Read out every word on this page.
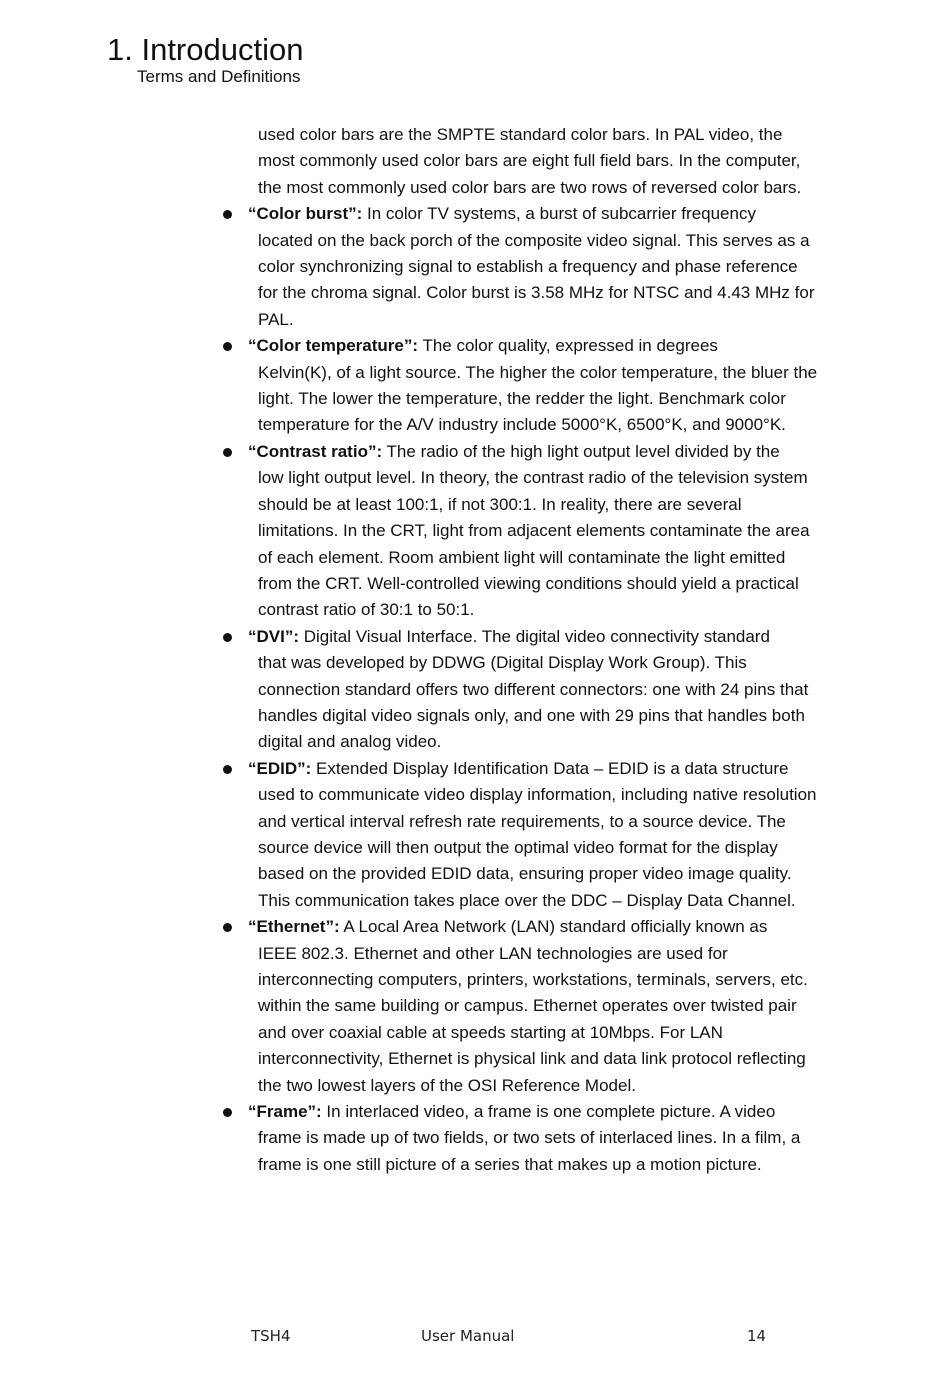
1. Introduction
Terms and Definitions
used color bars are the SMPTE standard color bars. In PAL video, the most commonly used color bars are eight full field bars. In the computer, the most commonly used color bars are two rows of reversed color bars.
“Color burst”: In color TV systems, a burst of subcarrier frequency
located on the back porch of the composite video signal. This serves as a color synchronizing signal to establish a frequency and phase reference for the chroma signal. Color burst is 3.58 MHz for NTSC and 4.43 MHz for PAL.
“Color temperature”: The color quality, expressed in degrees
Kelvin(K), of a light source. The higher the color temperature, the bluer the light. The lower the temperature, the redder the light. Benchmark color temperature for the A/V industry include 5000°K, 6500°K, and 9000°K.
“Contrast ratio”: The radio of the high light output level divided by the
low light output level. In theory, the contrast radio of the television system should be at least 100:1, if not 300:1. In reality, there are several limitations. In the CRT, light from adjacent elements contaminate the area of each element. Room ambient light will contaminate the light emitted from the CRT. Well-controlled viewing conditions should yield a practical contrast ratio of 30:1 to 50:1.
“DVI”: Digital Visual Interface. The digital video connectivity standard
that was developed by DDWG (Digital Display Work Group). This connection standard offers two different connectors: one with 24 pins that handles digital video signals only, and one with 29 pins that handles both digital and analog video.
“EDID”: Extended Display Identification Data – EDID is a data structure
used to communicate video display information, including native resolution and vertical interval refresh rate requirements, to a source device. The source device will then output the optimal video format for the display based on the provided EDID data, ensuring proper video image quality. This communication takes place over the DDC – Display Data Channel.
“Ethernet”: A Local Area Network (LAN) standard officially known as
IEEE 802.3. Ethernet and other LAN technologies are used for interconnecting computers, printers, workstations, terminals, servers, etc. within the same building or campus. Ethernet operates over twisted pair and over coaxial cable at speeds starting at 10Mbps. For LAN interconnectivity, Ethernet is physical link and data link protocol reflecting the two lowest layers of the OSI Reference Model.
“Frame”: In interlaced video, a frame is one complete picture. A video
frame is made up of two fields, or two sets of interlaced lines. In a film, a frame is one still picture of a series that makes up a motion picture.
TSH4	User Manual	14
